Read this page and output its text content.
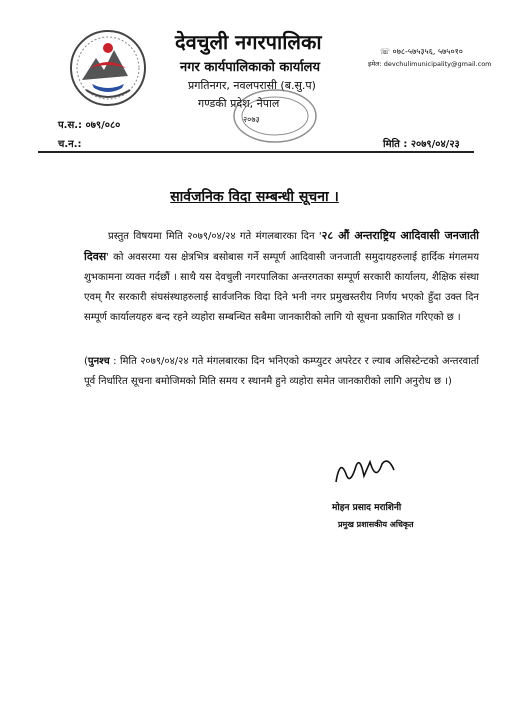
देवचुली नगरपालिका
नगर कार्यपालिकाको कार्यालय
प्रगतिनगर, नवलपरासी (ब.सु.प)
गण्डकी प्रदेश, नेपाल
२०७३
☏ ०७८-५७५३५६, ५७५०१०
इमेल: devchulimunicipality@gmail.com
प.स.: ०७९/०८०
च.न.:	मिति : २०७९/०४/२३
सार्वजनिक विदा सम्बन्धी सूचना ।
प्रस्तुत विषयमा मिति २०७९/०४/२४ गते मंगलबारका दिन '२८ औं अन्तराष्ट्रिय आदिवासी जनजाती दिवस' को अवसरमा यस क्षेत्रभित्र बसोबास गर्ने सम्पूर्ण आदिवासी जनजाती समुदायहरुलाई हार्दिक मंगलमय शुभकामना व्यक्त गर्दछौं । साथै यस देवचुली नगरपालिका अन्तरगतका सम्पूर्ण सरकारी कार्यालय, शैक्षिक संस्था एवम् गैर सरकारी संघसंस्थाहरुलाई सार्वजनिक विदा दिने भनी नगर प्रमुखस्तरीय निर्णय भएको हुँदा उक्त दिन सम्पूर्ण कार्यालयहरु बन्द रहने व्यहोरा सम्बन्धित सबैमा जानकारीको लागि यो सूचना प्रकाशित गरिएको छ ।
(पुनश्च : मिति २०७९/०४/२४ गते मंगलबारका दिन भनिएको कम्प्युटर अपरेटर र ल्याब असिस्टेन्टको अन्तरवार्ता पूर्व निर्धारित सूचना बमोजिमको मिति समय र स्थानमै हुने व्यहोरा समेत जानकारीको लागि अनुरोध छ ।)
मोहन प्रसाद मराशिनी
प्रमुख प्रशासकीय अधिकृत
